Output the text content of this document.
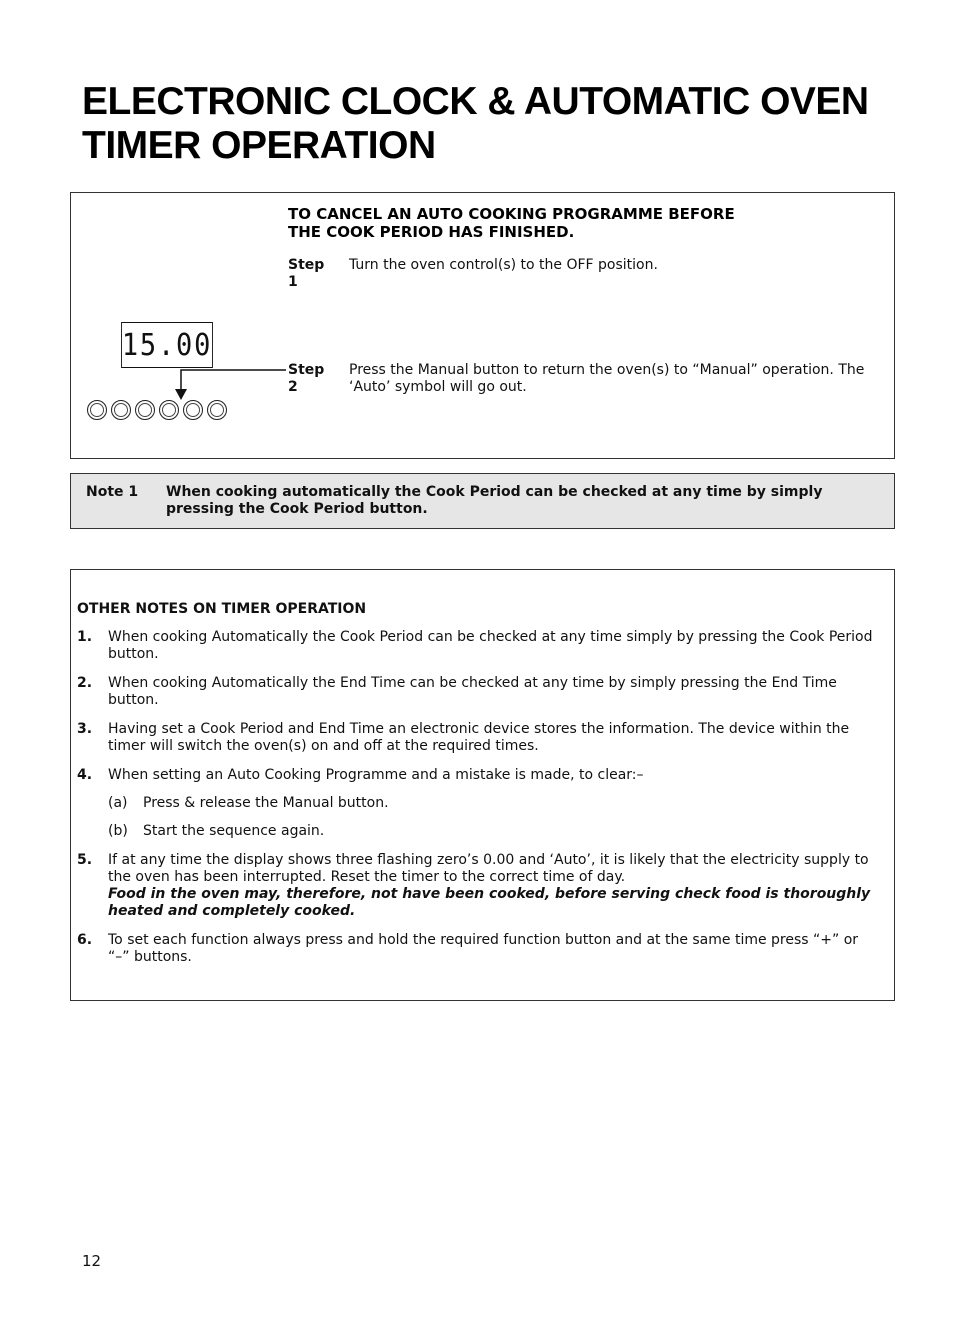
ELECTRONIC CLOCK & AUTOMATIC OVEN TIMER OPERATION
TO CANCEL AN AUTO COOKING PROGRAMME BEFORE
THE COOK PERIOD HAS FINISHED.
Step 1
Turn the oven control(s) to the OFF position.
Step 2
Press the Manual button to return the oven(s) to “Manual” operation. The ‘Auto’ symbol will go out.
15.00
Note 1 When cooking automatically the Cook Period can be checked at any time by simply pressing the Cook Period button.
OTHER NOTES ON TIMER OPERATION
1. When cooking Automatically the Cook Period can be checked at any time simply by pressing the Cook Period button.
2. When cooking Automatically the End Time can be checked at any time by simply pressing the End Time button.
3. Having set a Cook Period and End Time an electronic device stores the information. The device within the timer will switch the oven(s) on and off at the required times.
4. When setting an Auto Cooking Programme and a mistake is made, to clear:–
(a) Press & release the Manual button.
(b) Start the sequence again.
5. If at any time the display shows three flashing zero’s 0.00 and ‘Auto’, it is likely that the electricity supply to the oven has been interrupted. Reset the timer to the correct time of day.
Food in the oven may, therefore, not have been cooked, before serving check food is thoroughly heated and completely cooked.
6. To set each function always press and hold the required function button and at the same time press “+” or “–” buttons.
12
